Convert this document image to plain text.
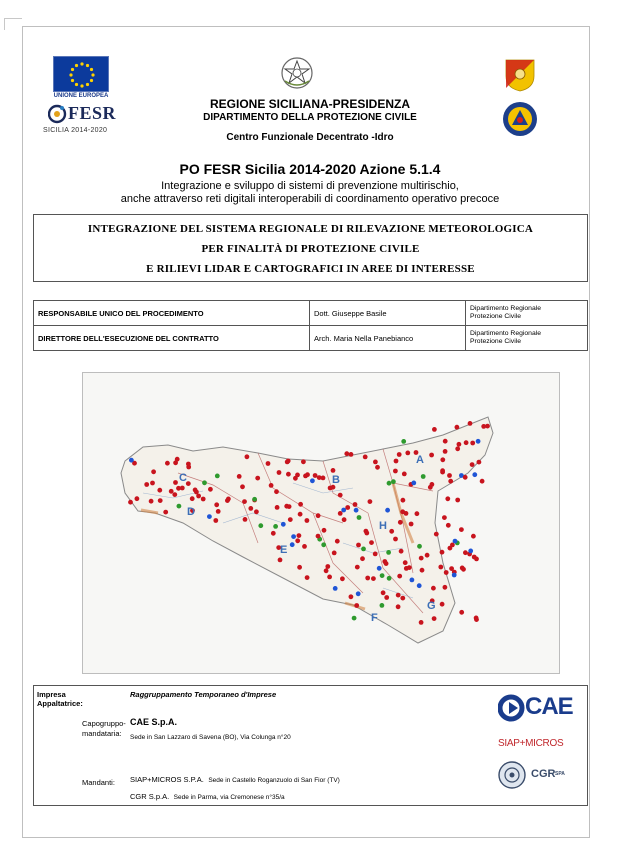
UNIONE EUROPEA
FESR
SICILIA 2014-2020
REGIONE SICILIANA-PRESIDENZA
DIPARTIMENTO DELLA PROTEZIONE CIVILE
Centro Funzionale Decentrato -Idro
PO FESR Sicilia 2014-2020 Azione 5.1.4
Integrazione e sviluppo di sistemi di prevenzione multirischio,
anche attraverso reti digitali interoperabili di coordinamento operativo precoce
INTEGRAZIONE DEL SISTEMA REGIONALE DI RILEVAZIONE METEOROLOGICA
PER FINALITÀ DI PROTEZIONE CIVILE
E RILIEVI LIDAR E CARTOGRAFICI IN AREE DI INTERESSE
RESPONSABILE UNICO DEL PROCEDIMENTO	Dott. Giuseppe Basile	Dipartimento Regionale
Protezione Civile

DIRETTORE DELL'ESECUZIONE DEL CONTRATTO	Arch. Maria Nella Panebianco	Dipartimento Regionale
Protezione Civile
A
B
C
D
E
F
G
H
Impresa
Appaltatrice:
Raggruppamento Temporaneo d'Imprese
Capogruppo-
mandataria:
CAE S.p.A.
Sede in San Lazzaro di Savena (BO), Via Colunga n°20
Mandanti: SIAP+MICROS S.P.A. Sede in Castello Roganzuolo di San Fior (TV)
CGR S.p.A. Sede in Parma, via Cremonese n°35/a
CAE
SIAP+MICROS
CGR SPA
